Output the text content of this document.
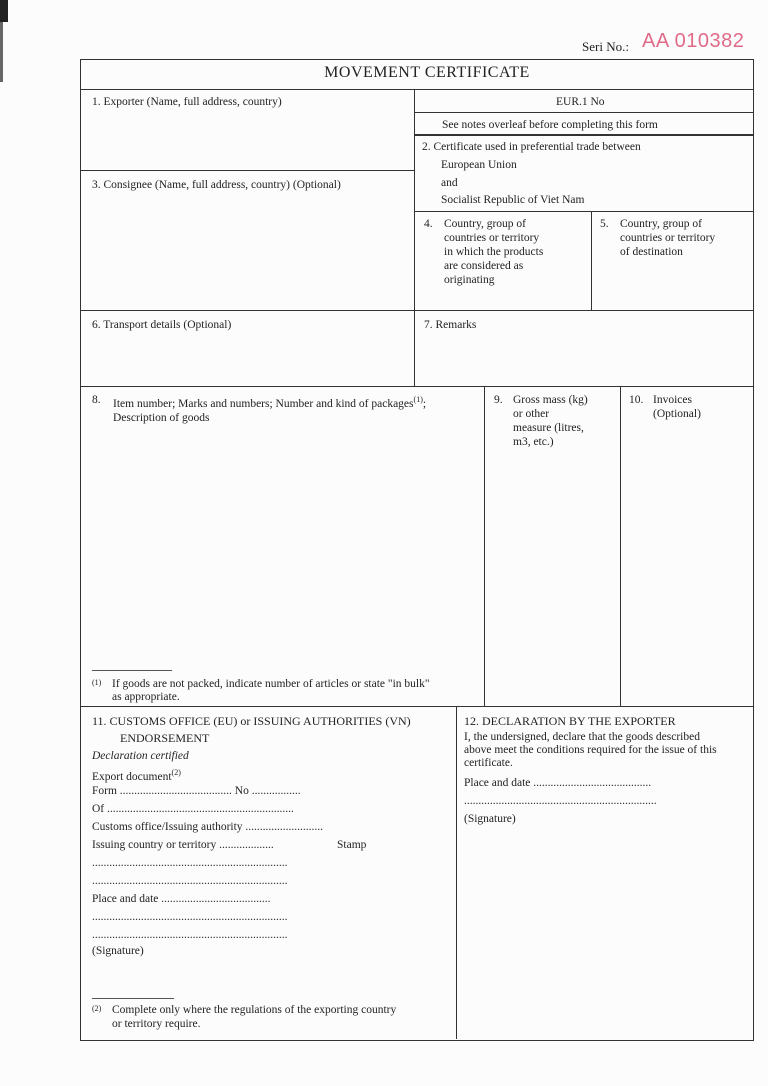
Seri No.: AA 010382
MOVEMENT CERTIFICATE
1. Exporter (Name, full address, country)	EUR.1 No
See notes overleaf before completing this form
2. Certificate used in preferential trade between
European Union
and
Socialist Republic of Viet Nam
3. Consignee (Name, full address, country) (Optional)
4. Country, group of
countries or territory
in which the products
are considered as
originating
5. Country, group of
countries or territory
of destination
6. Transport details (Optional)	7. Remarks
8. Item number; Marks and numbers; Number and kind of packages$^{(1)}$;
Description of goods
(1) If goods are not packed, indicate number of articles or state "in bulk"
as appropriate.
9. Gross mass (kg)
or other
measure (litres,
m3, etc.)
10. Invoices
(Optional)
11. CUSTOMS OFFICE (EU) or ISSUING AUTHORITIES (VN)
ENDORSEMENT
Declaration certified
Export document$^{(2)}$
Form ....................................... No .................
Of .................................................................
Customs office/Issuing authority ...........................
Issuing country or territory ...................	Stamp
....................................................................
....................................................................
Place and date ......................................
....................................................................
....................................................................
(Signature)
(2) Complete only where the regulations of the exporting country
or territory require.
12. DECLARATION BY THE EXPORTER
I, the undersigned, declare that the goods described
above meet the conditions required for the issue of this
certificate.
Place and date .........................................
...................................................................
(Signature)
